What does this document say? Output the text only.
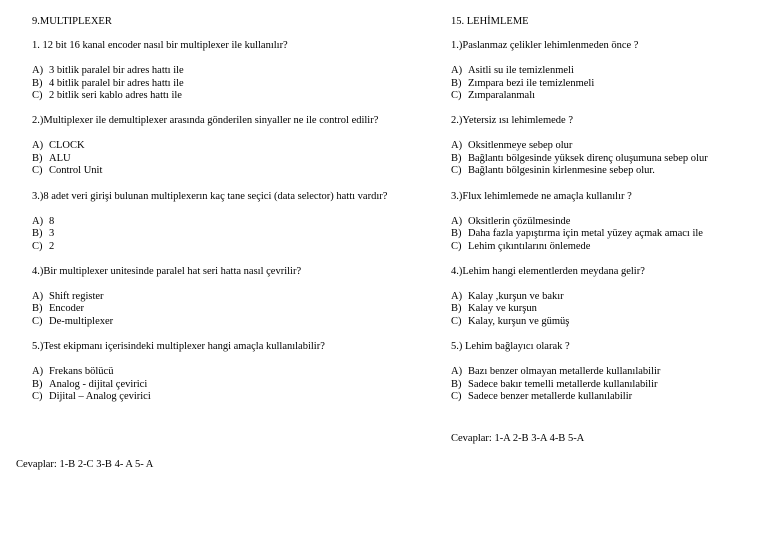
9.MULTIPLEXER
1. 12 bit 16 kanal encoder nasıl bir multiplexer ile kullanılır?
A) 3 bitlik paralel bir adres hattı ile
B) 4 bitlik paralel bir adres hattı ile
C) 2 bitlik seri kablo adres hattı ile
2.)Multiplexer ile demultiplexer arasında gönderilen sinyaller ne ile control edilir?
A) CLOCK
B) ALU
C) Control Unit
3.)8 adet veri girişi bulunan multiplexerın kaç tane seçici (data selector) hattı vardır?
A) 8
B) 3
C) 2
4.)Bir multiplexer unitesinde paralel hat seri hatta nasıl çevrilir?
A) Shift register
B) Encoder
C) De-multiplexer
5.)Test ekipmanı içerisindeki multiplexer hangi amaçla kullanılabilir?
A) Frekans bölücü
B) Analog - dijital çevirici
C) Dijital – Analog çevirici
Cevaplar: 1-B 2-C 3-B 4- A 5- A
15. LEHİMLEME
1.)Paslanmaz çelikler lehimlenmeden önce ?
A) Asitli su ile temizlenmeli
B) Zımpara bezi ile temizlenmeli
C) Zımparalanmalı
2.)Yetersiz ısı lehimlemede ?
A) Oksitlenmeye sebep olur
B) Bağlantı bölgesinde yüksek direnç oluşumuna sebep olur
C) Bağlantı bölgesinin kirlenmesine sebep olur.
3.)Flux lehimlemede ne amaçla kullanılır ?
A) Oksitlerin çözülmesinde
B) Daha fazla yapıştırma için metal yüzey açmak amacı ile
C) Lehim çıkıntılarını önlemede
4.)Lehim hangi elementlerden meydana gelir?
A) Kalay ,kurşun ve bakır
B) Kalay ve kurşun
C) Kalay, kurşun ve gümüş
5.) Lehim bağlayıcı olarak ?
A) Bazı benzer olmayan metallerde kullanılabilir
B) Sadece bakır temelli metallerde kullanılabilir
C) Sadece benzer metallerde kullanılabilir
Cevaplar: 1-A 2-B 3-A 4-B 5-A
